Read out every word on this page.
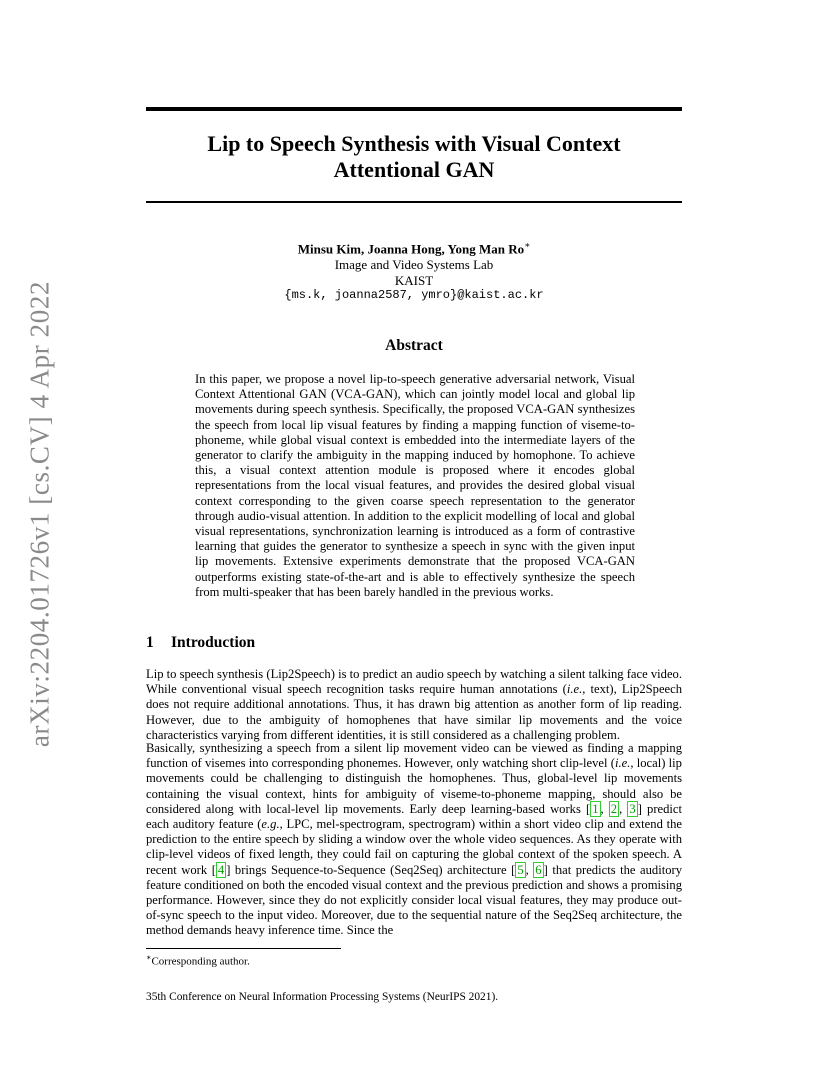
arXiv:2204.01726v1 [cs.CV] 4 Apr 2022
Lip to Speech Synthesis with Visual Context
Attentional GAN
Minsu Kim, Joanna Hong, Yong Man Ro∗
Image and Video Systems Lab
KAIST
{ms.k, joanna2587, ymro}@kaist.ac.kr
Abstract

In this paper, we propose a novel lip-to-speech generative adversarial network, Visual Context Attentional GAN (VCA-GAN), which can jointly model local and global lip movements during speech synthesis. Specifically, the proposed VCA-GAN synthesizes the speech from local lip visual features by finding a mapping function of viseme-to-phoneme, while global visual context is embedded into the intermediate layers of the generator to clarify the ambiguity in the mapping induced by homophone. To achieve this, a visual context attention module is proposed where it encodes global representations from the local visual features, and provides the desired global visual context corresponding to the given coarse speech representation to the generator through audio-visual attention. In addition to the explicit modelling of local and global visual representations, synchronization learning is introduced as a form of contrastive learning that guides the generator to synthesize a speech in sync with the given input lip movements. Extensive experiments demonstrate that the proposed VCA-GAN outperforms existing state-of-the-art and is able to effectively synthesize the speech from multi-speaker that has been barely handled in the previous works.

1 Introduction

Lip to speech synthesis (Lip2Speech) is to predict an audio speech by watching a silent talking face video. While conventional visual speech recognition tasks require human annotations (i.e., text), Lip2Speech does not require additional annotations. Thus, it has drawn big attention as another form of lip reading. However, due to the ambiguity of homophenes that have similar lip movements and the voice characteristics varying from different identities, it is still considered as a challenging problem.

Basically, synthesizing a speech from a silent lip movement video can be viewed as finding a mapping function of visemes into corresponding phonemes. However, only watching short clip-level (i.e., local) lip movements could be challenging to distinguish the homophenes. Thus, global-level lip movements containing the visual context, hints for ambiguity of viseme-to-phoneme mapping, should also be considered along with local-level lip movements. Early deep learning-based works [ 1 , 2 , 3 ] predict each auditory feature (e.g., LPC, mel-spectrogram, spectrogram) within a short video clip and extend the prediction to the entire speech by sliding a window over the whole video sequences. As they operate with clip-level videos of fixed length, they could fail on capturing the global context of the spoken speech. A recent work [ 4 ] brings Sequence-to-Sequence (Seq2Seq) architecture [ 5 , 6 ] that predicts the auditory feature conditioned on both the encoded visual context and the previous prediction and shows a promising performance. However, since they do not explicitly consider local visual features, they may produce out-of-sync speech to the input video. Moreover, due to the sequential nature of the Seq2Seq architecture, the method demands heavy inference time. Since the

∗Corresponding author.
35th Conference on Neural Information Processing Systems (NeurIPS 2021).
